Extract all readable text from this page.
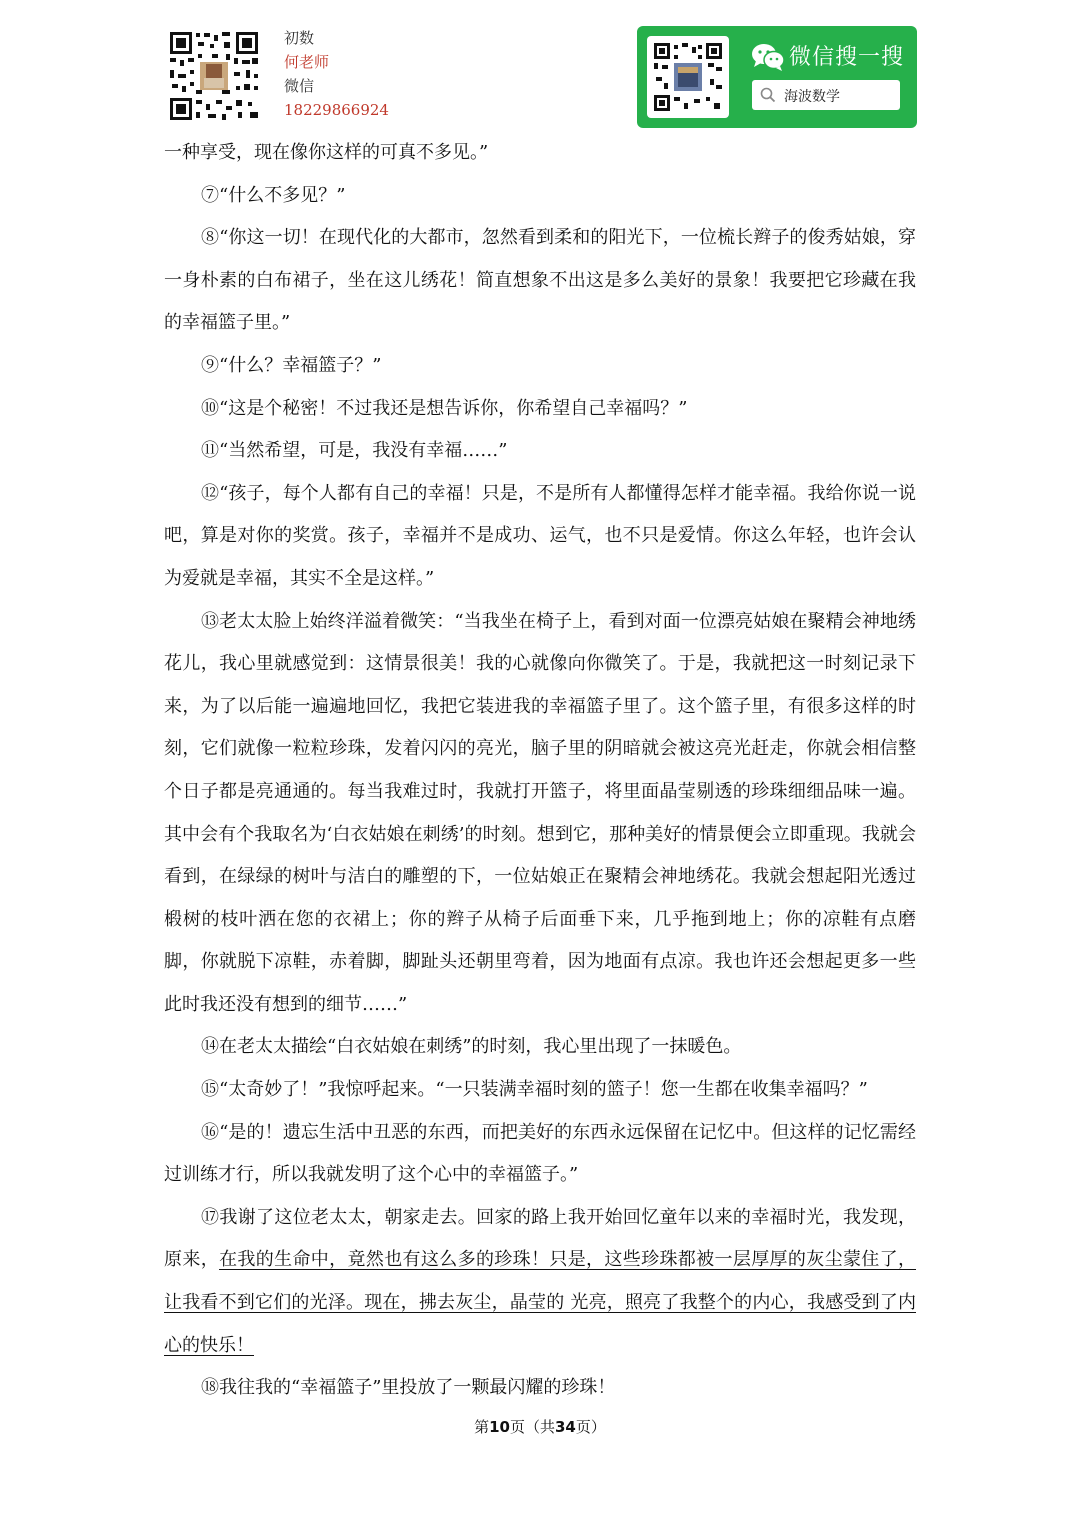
初数
何老师
微信
18229866924
微信搜一搜
海波数学

一种享受，现在像你这样的可真不多见。”

⑦“什么不多见？”

⑧“你这一切！在现代化的大都市，忽然看到柔和的阳光下，一位梳长辫子的俊秀姑娘，穿一身朴素的白布裙子，坐在这儿绣花！简直想象不出这是多么美好的景象！我要把它珍藏在我的幸福篮子里。”

⑨“什么？幸福篮子？”

⑩“这是个秘密！不过我还是想告诉你，你希望自己幸福吗？”

⑪“当然希望，可是，我没有幸福……”

⑫“孩子，每个人都有自己的幸福！只是，不是所有人都懂得怎样才能幸福。我给你说一说吧，算是对你的奖赏。孩子，幸福并不是成功、运气，也不只是爱情。你这么年轻，也许会认为爱就是幸福，其实不全是这样。”

⑬老太太脸上始终洋溢着微笑：“当我坐在椅子上，看到对面一位漂亮姑娘在聚精会神地绣花儿，我心里就感觉到：这情景很美！我的心就像向你微笑了。于是，我就把这一时刻记录下来，为了以后能一遍遍地回忆，我把它装进我的幸福篮子里了。这个篮子里，有很多这样的时刻，它们就像一粒粒珍珠，发着闪闪的亮光，脑子里的阴暗就会被这亮光赶走，你就会相信整个日子都是亮通通的。每当我难过时，我就打开篮子，将里面晶莹剔透的珍珠细细品味一遍。其中会有个我取名为‘白衣姑娘在刺绣’的时刻。想到它，那种美好的情景便会立即重现。我就会看到，在绿绿的树叶与洁白的雕塑的下，一位姑娘正在聚精会神地绣花。我就会想起阳光透过椴树的枝叶洒在您的衣裙上；你的辫子从椅子后面垂下来，几乎拖到地上；你的凉鞋有点磨脚，你就脱下凉鞋，赤着脚，脚趾头还朝里弯着，因为地面有点凉。我也许还会想起更多一些此时我还没有想到的细节……”

⑭在老太太描绘“白衣姑娘在刺绣”的时刻，我心里出现了一抹暖色。

⑮“太奇妙了！”我惊呼起来。“一只装满幸福时刻的篮子！您一生都在收集幸福吗？”

⑯“是的！遗忘生活中丑恶的东西，而把美好的东西永远保留在记忆中。但这样的记忆需经过训练才行，所以我就发明了这个心中的幸福篮子。”

⑰我谢了这位老太太，朝家走去。回家的路上我开始回忆童年以来的幸福时光，我发现，原来，在我的生命中，竟然也有这么多的珍珠！只是，这些珍珠都被一层厚厚的灰尘蒙住了，让我看不到它们的光泽。现在，拂去灰尘，晶莹的 光亮，照亮了我整个的内心，我感受到了内心的快乐！

⑱我往我的“幸福篮子”里投放了一颗最闪耀的珍珠！

第10页（共34页）
